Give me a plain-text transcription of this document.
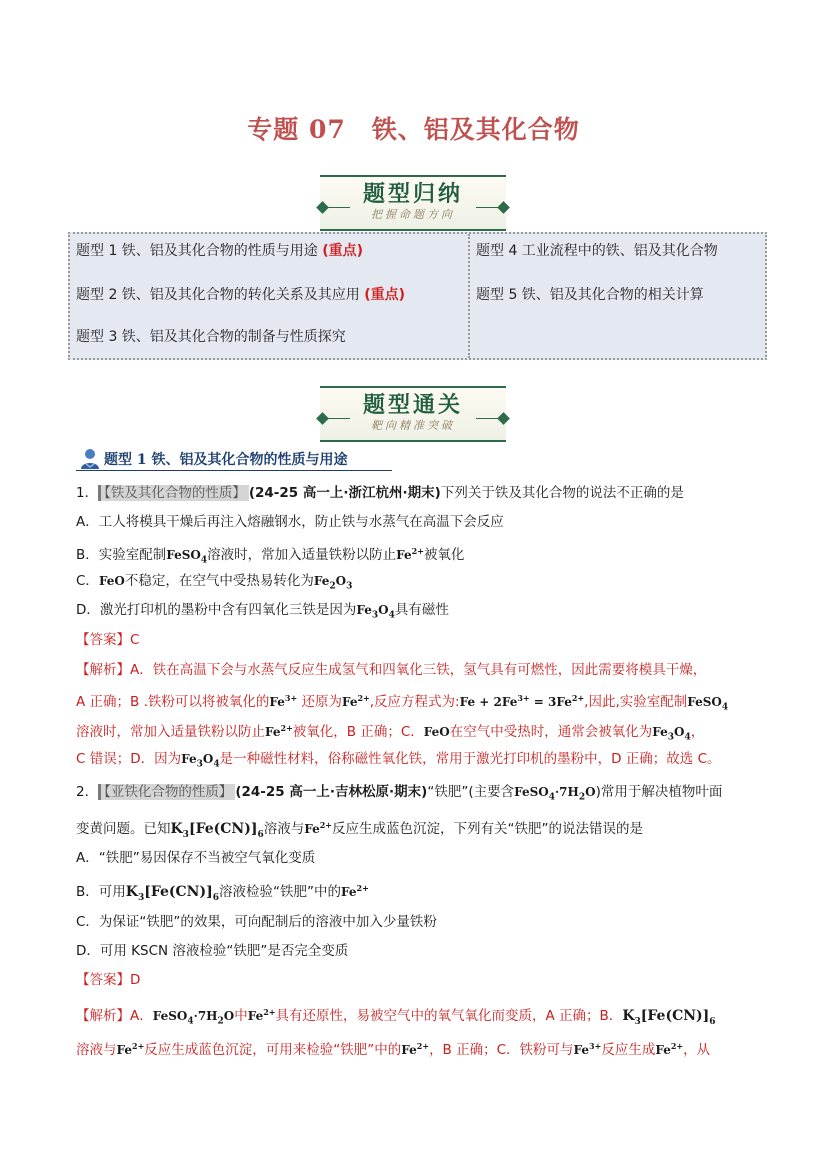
专题 07　铁、铝及其化合物
题型归纳
把握命题方向
题型 1 铁、铝及其化合物的性质与用途 (重点)
题型 2 铁、铝及其化合物的转化关系及其应用 (重点)
题型 3 铁、铝及其化合物的制备与性质探究
题型 4 工业流程中的铁、铝及其化合物
题型 5 铁、铝及其化合物的相关计算
题型通关
靶向精准突破
题型 1 铁、铝及其化合物的性质与用途
1． 【铁及其化合物的性质】 (24-25 高一上·浙江杭州·期末)下列关于铁及其化合物的说法不正确的是
A．工人将模具干燥后再注入熔融钢水，防止铁与水蒸气在高温下会反应
B．实验室配制FeSO$_4$溶液时，常加入适量铁粉以防止$Fe^{2+}$被氧化
C．FeO不稳定，在空气中受热易转化为$Fe_2O_3$
D．激光打印机的墨粉中含有四氧化三铁是因为$Fe_3O_4$具有磁性
【答案】C
【解析】A．铁在高温下会与水蒸气反应生成氢气和四氧化三铁，氢气具有可燃性，因此需要将模具干燥，
A 正确；B .铁粉可以将被氧化的$Fe^{3+}$ 还原为$Fe^{2+}$,反应方程式为:Fe + $2Fe^{3+} = 3Fe^{2+}$,因此,实验室配制FeSO$_4$
溶液时，常加入适量铁粉以防止$Fe^{2+}$被氧化，B 正确；C．FeO在空气中受热时，通常会被氧化为$Fe_3O_4$，
C 错误；D．因为$Fe_3O_4$是一种磁性材料，俗称磁性氧化铁，常用于激光打印机的墨粉中，D 正确；故选 C。
2． 【亚铁化合物的性质】 (24-25 高一上·吉林松原·期末)“铁肥”(主要含$FeSO_4\cdot 7H_2O$)常用于解决植物叶面
变黄问题。已知$K_3[Fe(CN)]_6$溶液与$Fe^{2+}$反应生成蓝色沉淀，下列有关“铁肥”的说法错误的是
A．“铁肥”易因保存不当被空气氧化变质
B．可用$K_3[Fe(CN)]_6$溶液检验“铁肥”中的$Fe^{2+}$
C．为保证“铁肥”的效果，可向配制后的溶液中加入少量铁粉
D．可用 KSCN 溶液检验“铁肥”是否完全变质
【答案】D
【解析】A．$FeSO_4\cdot 7H_2O$中$Fe^{2+}$具有还原性，易被空气中的氧气氧化而变质，A 正确；B．$K_3[Fe(CN)]_6$
溶液与$Fe^{2+}$反应生成蓝色沉淀，可用来检验“铁肥”中的$Fe^{2+}$，B 正确；C．铁粉可与$Fe^{3+}$反应生成$Fe^{2+}$，从
